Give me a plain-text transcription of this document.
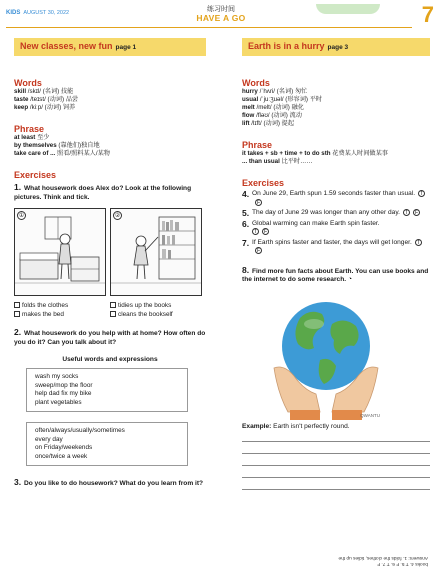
KIDS AUGUST 30, 2022	练习时间
HAVE A GO	7
New classes, new fun page 1
Words
skill /skɪl/ (名词) 技能
taste /teɪst/ (动词) 品尝
keep /kiːp/ (动词) 饲养
Phrase
at least 至少
by themselves (靠他们)独自地
take care of ... 照看/照料某人/某物
Exercises
1. What housework does Alex do? Look at the following pictures. Think and tick.
①	②
folds the clothes	tidies up the books
makes the bed	cleans the bookself
2. What housework do you help with at home? How often do you do it? Can you talk about it?
Useful words and expressions
wash my socks
sweep/mop the floor
help dad fix my bike
plant vegetables
often/always/usually/sometimes
every day
on Friday/weekends
once/twice a week
3. Do you like to do housework? What do you learn from it?
Earth is in a hurry page 3
Words
hurry /ˈhʌri/ (名词) 匆忙
usual /ˈjuːʒuəl/ (形容词) 平时
melt /melt/ (动词) 融化
flow /fləʊ/ (动词) 流动
lift /lɪft/ (动词) 提起
Phrase
it takes + sb + time + to do sth 花费某人时间做某事
... than usual 比平时……
Exercises
4. On June 29, Earth spun 1.59 seconds faster than usual. TF
5. The day of June 29 was longer than any other day. T F
6. Global warming can make Earth spin faster.
T F
7. If Earth spins faster and faster, the days will get longer. TF
8. Find more fun facts about Earth. You can use books and the internet to do some research. ◔
QWANTU
Example: Earth isn't perfectly round.
books 4. T 5. F 6. T 7. F
Answers: 1. folds the clothes, tidies up the
